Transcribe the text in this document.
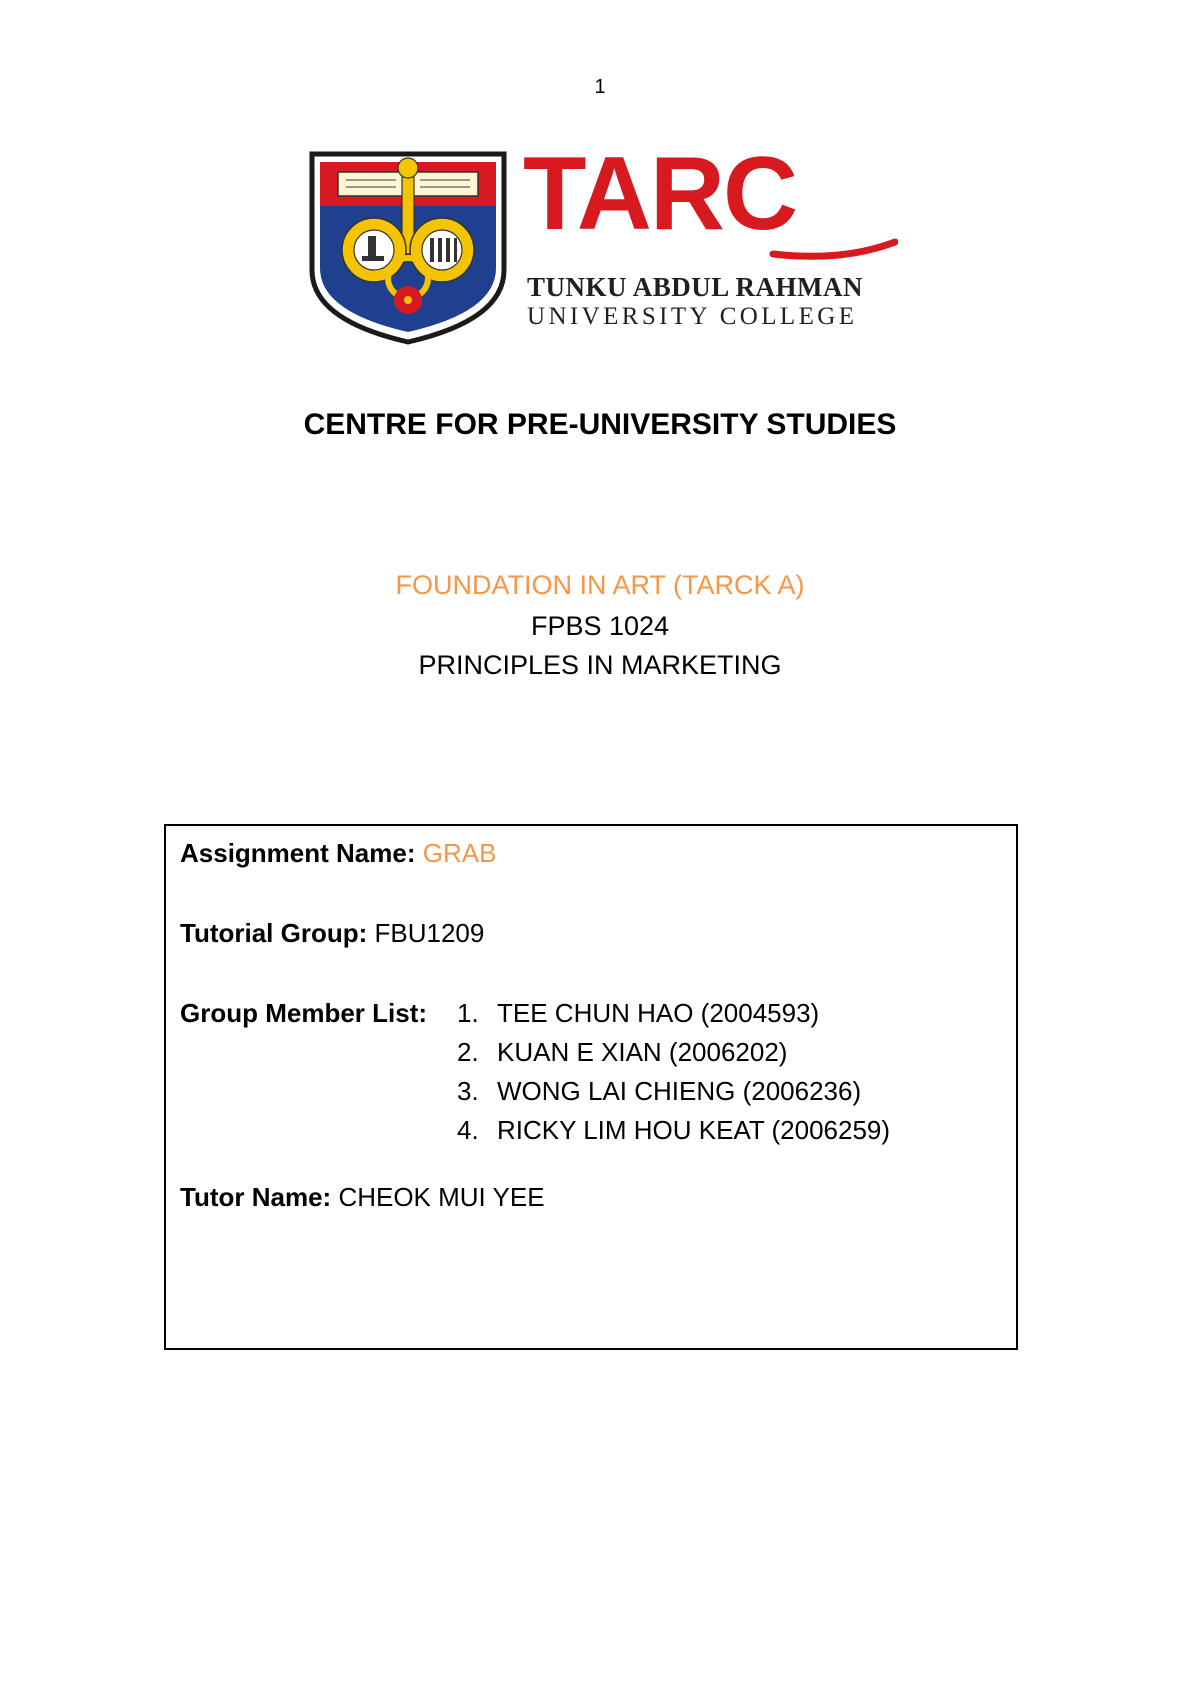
1
TARC
TUNKU ABDUL RAHMAN
UNIVERSITY COLLEGE
CENTRE FOR PRE-UNIVERSITY STUDIES
FOUNDATION IN ART (TARCK A)
FPBS 1024
PRINCIPLES IN MARKETING
Assignment Name: GRAB
Tutorial Group: FBU1209
Group Member List: 1. TEE CHUN HAO (2004593)
2. KUAN E XIAN (2006202)
3. WONG LAI CHIENG (2006236)
4. RICKY LIM HOU KEAT (2006259)
Tutor Name: CHEOK MUI YEE
